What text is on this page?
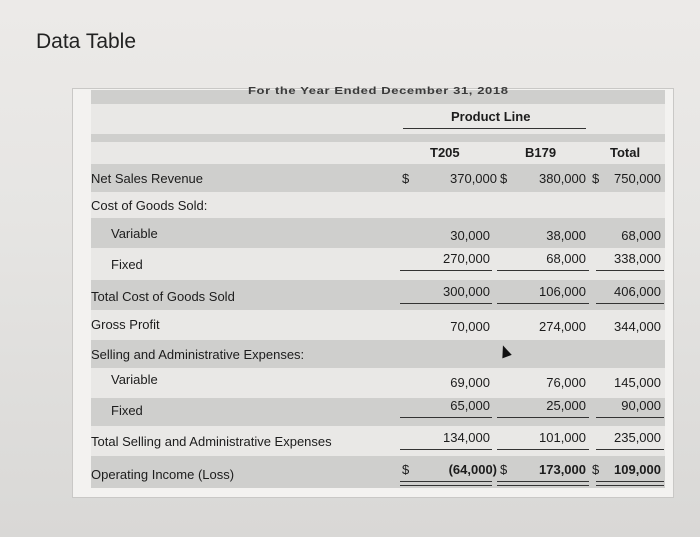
Data Table
For the Year Ended December 31, 2018
Product Line
T205	B179	Total
Net Sales Revenue	$	370,000 $	380,000 $	750,000
Cost of Goods Sold:
Variable	30,000	38,000	68,000
Fixed	270,000	68,000	338,000
Total Cost of Goods Sold	300,000	106,000	406,000
Gross Profit	70,000	274,000	344,000
Selling and Administrative Expenses:
Variable	69,000	76,000	145,000
Fixed	65,000	25,000	90,000
Total Selling and Administrative Expenses	134,000	101,000	235,000
Operating Income (Loss)	$	(64,000) $	173,000 $	109,000
